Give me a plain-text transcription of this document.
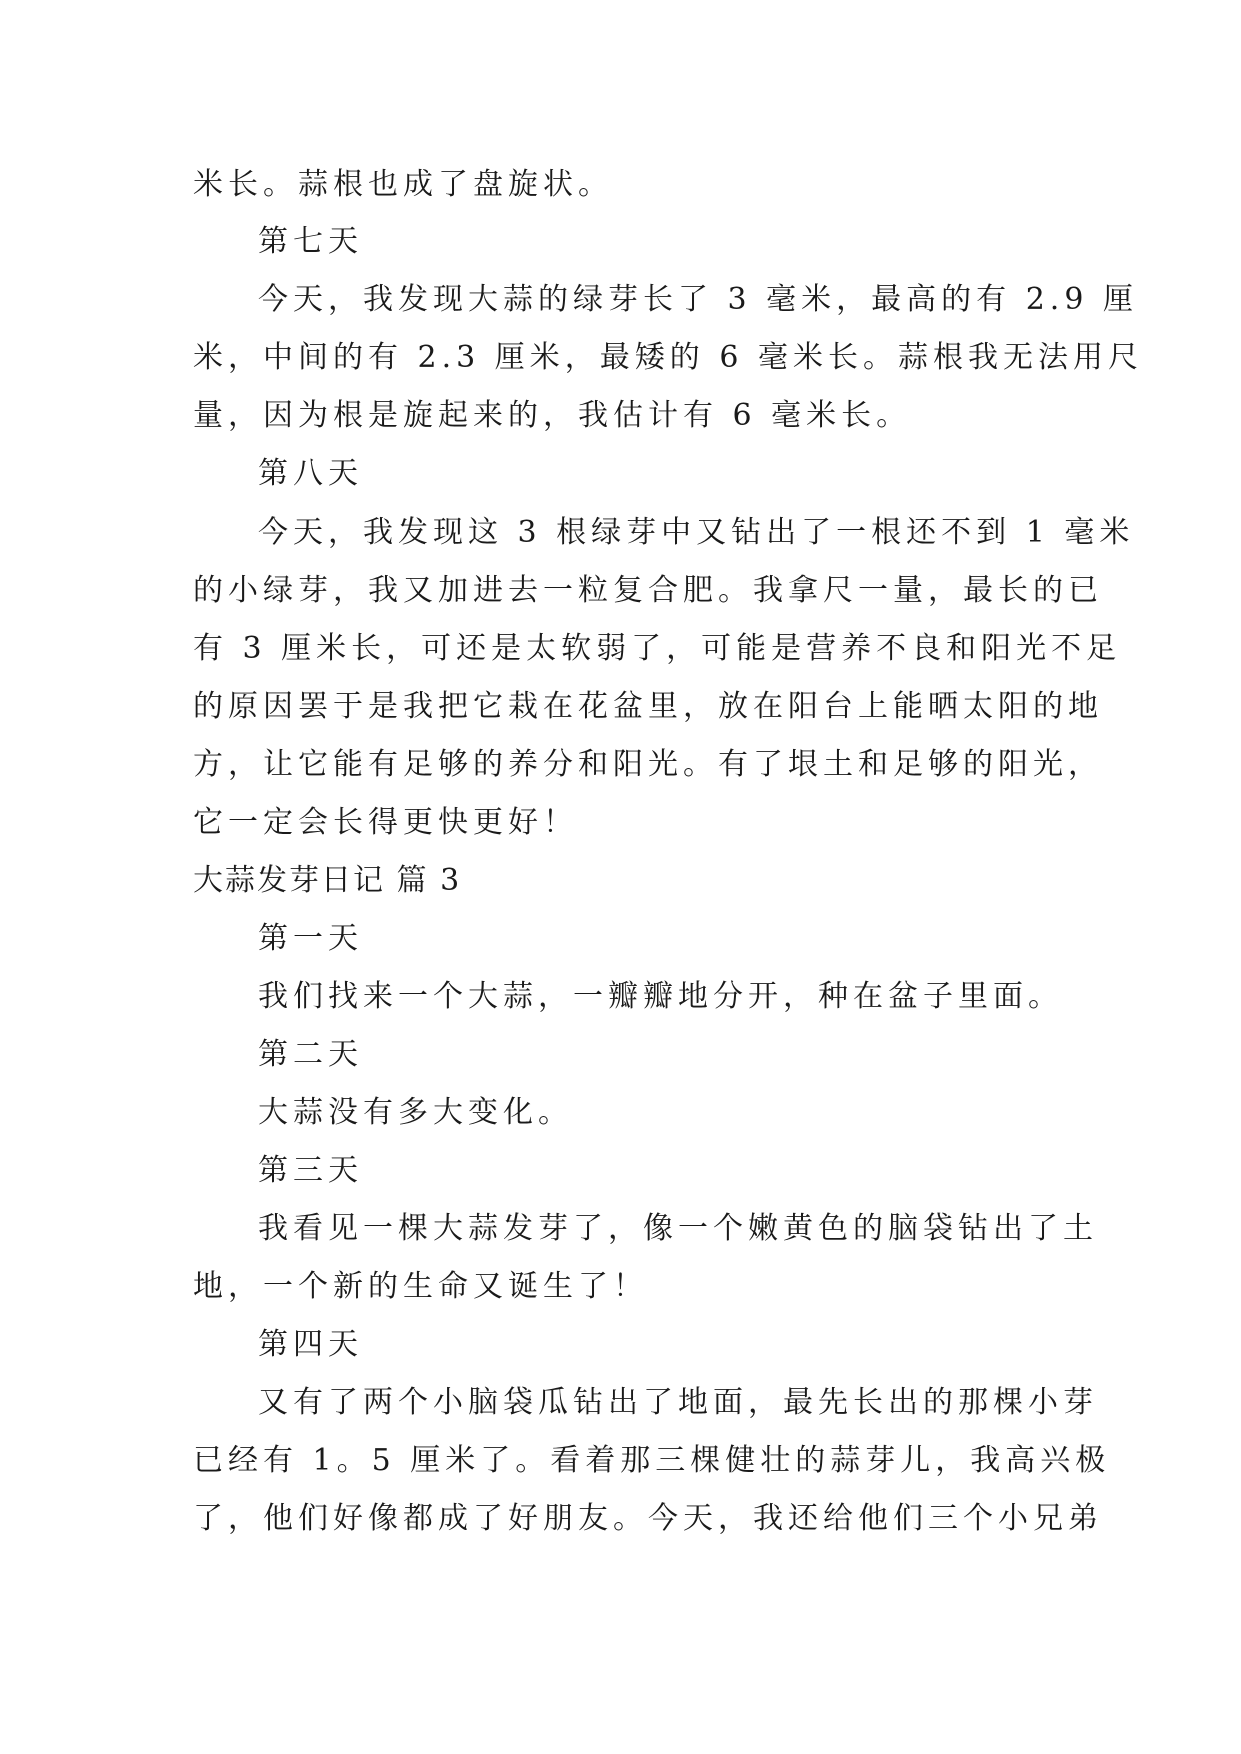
米长。蒜根也成了盘旋状。
第七天
今天，我发现大蒜的绿芽长了 3 毫米，最高的有 2.9 厘
米，中间的有 2.3 厘米，最矮的 6 毫米长。蒜根我无法用尺
量，因为根是旋起来的，我估计有 6 毫米长。
第八天
今天，我发现这 3 根绿芽中又钻出了一根还不到 1 毫米
的小绿芽，我又加进去一粒复合肥。我拿尺一量，最长的已
有 3 厘米长，可还是太软弱了，可能是营养不良和阳光不足
的原因罢于是我把它栽在花盆里，放在阳台上能晒太阳的地
方，让它能有足够的养分和阳光。有了垠土和足够的阳光，
它一定会长得更快更好！
大蒜发芽日记 篇 3
第一天
我们找来一个大蒜，一瓣瓣地分开，种在盆子里面。
第二天
大蒜没有多大变化。
第三天
我看见一棵大蒜发芽了，像一个嫩黄色的脑袋钻出了土
地，一个新的生命又诞生了！
第四天
又有了两个小脑袋瓜钻出了地面，最先长出的那棵小芽
已经有 1。5 厘米了。看着那三棵健壮的蒜芽儿，我高兴极
了，他们好像都成了好朋友。今天，我还给他们三个小兄弟
